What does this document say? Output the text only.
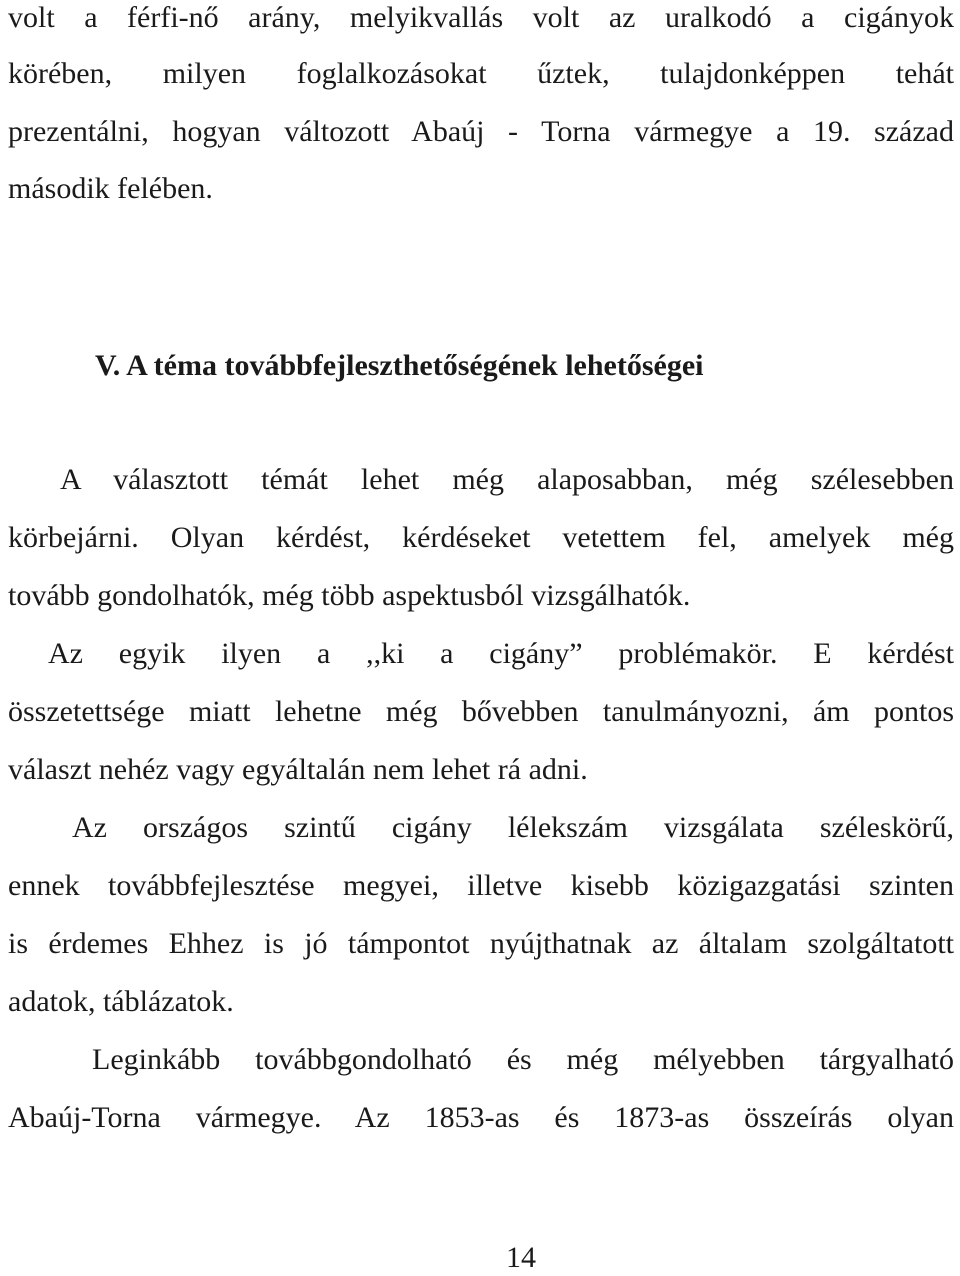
volt a férfi-nő arány, melyikvallás volt az uralkodó a cigányok
körében, milyen foglalkozásokat űztek, tulajdonképpen tehát
prezentálni, hogyan változott Abaúj - Torna vármegye a 19. század
második felében.
V. A téma továbbfejleszthetőségének lehetőségei
A választott témát lehet még alaposabban, még szélesebben
körbejárni. Olyan kérdést, kérdéseket vetettem fel, amelyek még
tovább gondolhatók, még több aspektusból vizsgálhatók.
Az egyik ilyen a ,,ki a cigány” problémakör. E kérdést
összetettsége miatt lehetne még bővebben tanulmányozni, ám pontos
választ nehéz vagy egyáltalán nem lehet rá adni.
Az országos szintű cigány lélekszám vizsgálata széleskörű,
ennek továbbfejlesztése megyei, illetve kisebb közigazgatási szinten
is érdemes Ehhez is jó támpontot nyújthatnak az általam szolgáltatott
adatok, táblázatok.
Leginkább továbbgondolható és még mélyebben tárgyalható
Abaúj-Torna vármegye. Az 1853-as és 1873-as összeírás olyan
14
